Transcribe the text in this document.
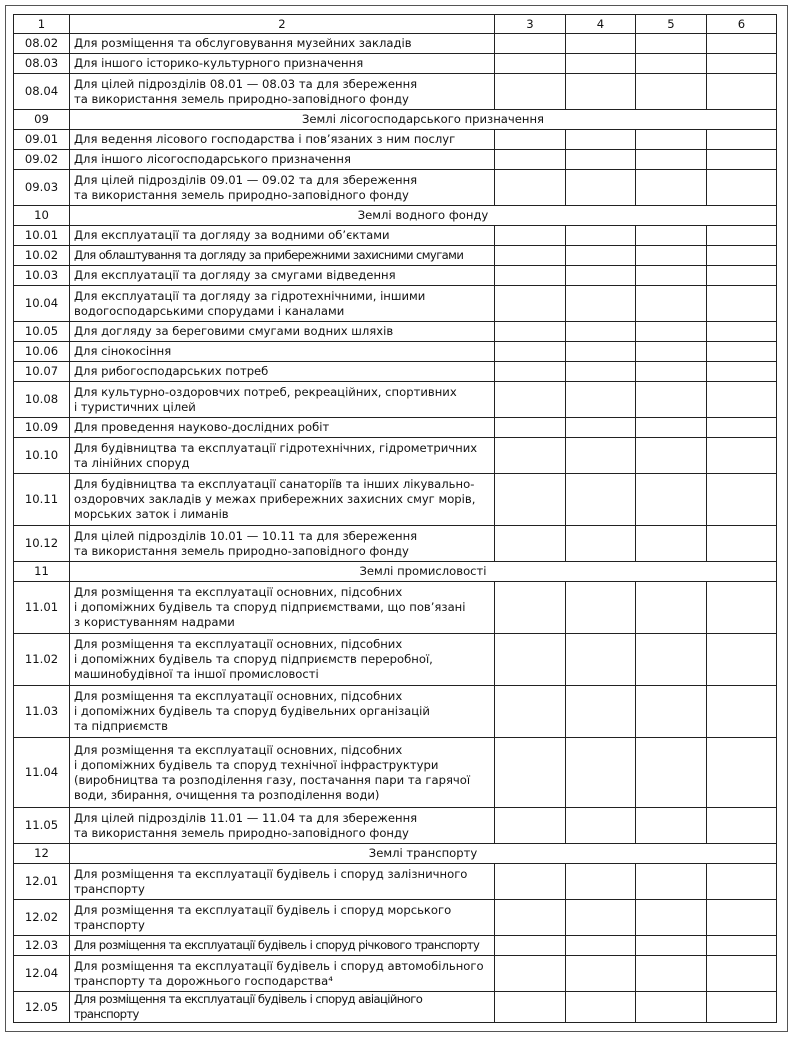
1	2	3	4	5	6
08.02	Для розміщення та обслуговування музейних закладів				

08.03	Для іншого історико-культурного призначення				

08.04	Для цілей підрозділів 08.01 — 08.03 та для збереження
та використання земель природно-заповідного фонду				

09	Землі лісогосподарського призначення				
09.01	Для ведення лісового господарства і пов’язаних з ним послуг				

09.02	Для іншого лісогосподарського призначення				

09.03	Для цілей підрозділів 09.01 — 09.02 та для збереження
та використання земель природно-заповідного фонду				

10	Землі водного фонду				
10.01	Для експлуатації та догляду за водними об’єктами				

10.02	Для облаштування та догляду за прибережними захисними смугами				

10.03	Для експлуатації та догляду за смугами відведення				

10.04	Для експлуатації та догляду за гідротехнічними, іншими
водогосподарськими спорудами і каналами				

10.05	Для догляду за береговими смугами водних шляхів				

10.06	Для сінокосіння				

10.07	Для рибогосподарських потреб				

10.08	Для культурно-оздоровчих потреб, рекреаційних, спортивних
і туристичних цілей				

10.09	Для проведення науково-дослідних робіт				

10.10	Для будівництва та експлуатації гідротехнічних, гідрометричних
та лінійних споруд				

10.11	Для будівництва та експлуатації санаторіїв та інших лікувально-
оздоровчих закладів у межах прибережних захисних смуг морів,
морських заток і лиманів				

10.12	Для цілей підрозділів 10.01 — 10.11 та для збереження
та використання земель природно-заповідного фонду				

11	Землі промисловості				
11.01	Для розміщення та експлуатації основних, підсобних
і допоміжних будівель та споруд підприємствами, що пов’язані
з користуванням надрами				

11.02	Для розміщення та експлуатації основних, підсобних
і допоміжних будівель та споруд підприємств переробної,
машинобудівної та іншої промисловості				

11.03	Для розміщення та експлуатації основних, підсобних
і допоміжних будівель та споруд будівельних організацій
та підприємств				

11.04	Для розміщення та експлуатації основних, підсобних
і допоміжних будівель та споруд технічної інфраструктури
(виробництва та розподілення газу, постачання пари та гарячої
води, збирання, очищення та розподілення води)				

11.05	Для цілей підрозділів 11.01 — 11.04 та для збереження
та використання земель природно-заповідного фонду				

12	Землі транспорту				
12.01	Для розміщення та експлуатації будівель і споруд залізничного
транспорту				

12.02	Для розміщення та експлуатації будівель і споруд морського
транспорту				

12.03	Для розміщення та експлуатації будівель і споруд річкового транспорту				

12.04	Для розміщення та експлуатації будівель і споруд автомобільного
транспорту та дорожнього господарства⁴				

12.05	Для розміщення та експлуатації будівель і споруд авіаційного транспорту				
